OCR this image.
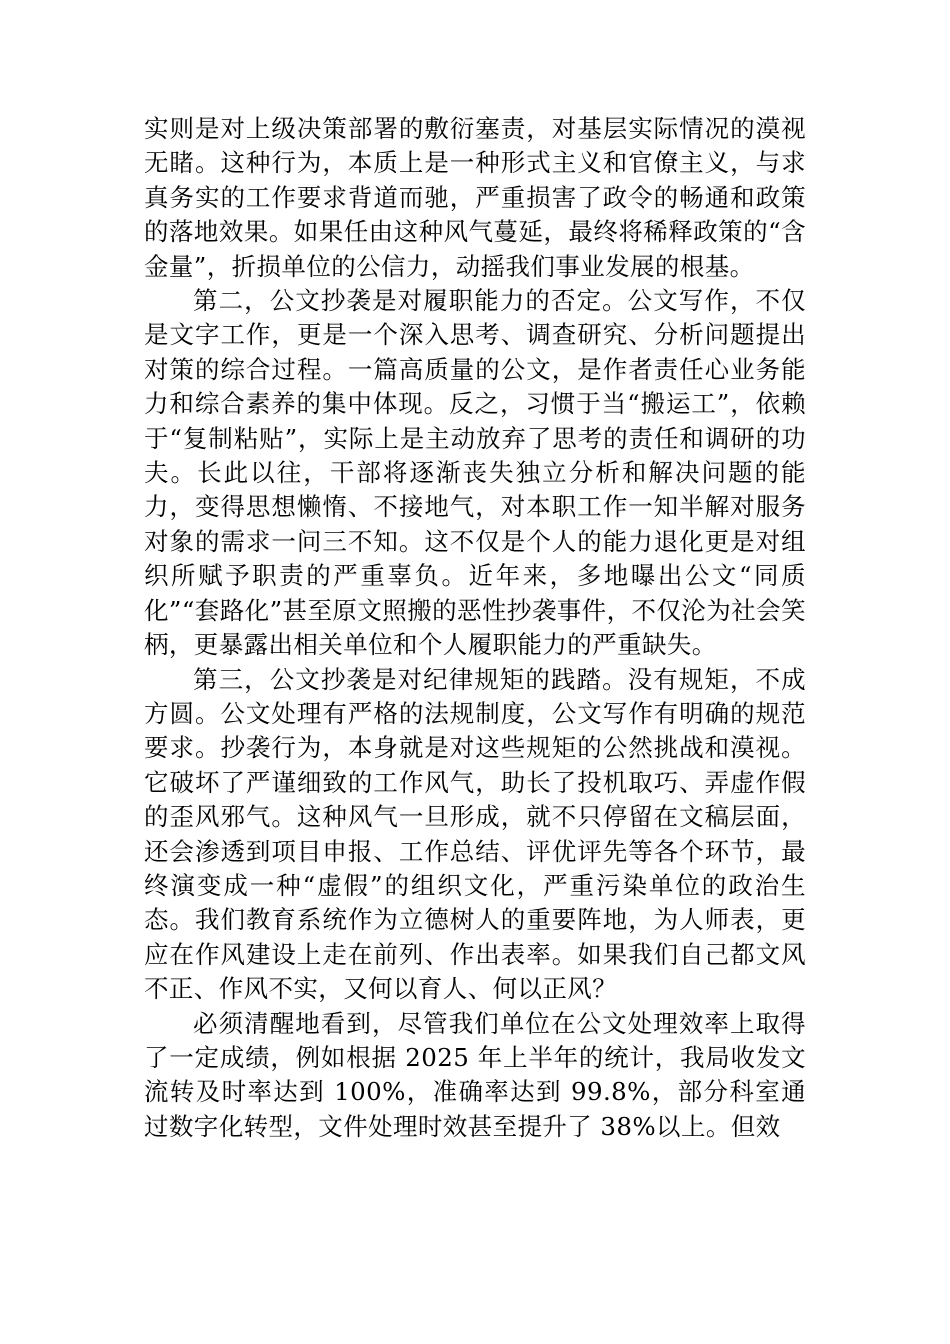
实则是对上级决策部署的敷衍塞责，对基层实际情况的漠视无睹。这种行为，本质上是一种形式主义和官僚主义，与求真务实的工作要求背道而驰，严重损害了政令的畅通和政策的落地效果。如果任由这种风气蔓延，最终将稀释政策的“含金量”，折损单位的公信力，动摇我们事业发展的根基。

第二，公文抄袭是对履职能力的否定。公文写作，不仅是文字工作，更是一个深入思考、调查研究、分析问题提出对策的综合过程。一篇高质量的公文，是作者责任心业务能力和综合素养的集中体现。反之，习惯于当“搬运工”，依赖于“复制粘贴”，实际上是主动放弃了思考的责任和调研的功夫。长此以往，干部将逐渐丧失独立分析和解决问题的能力，变得思想懒惰、不接地气，对本职工作一知半解对服务对象的需求一问三不知。这不仅是个人的能力退化更是对组织所赋予职责的严重辜负。近年来，多地曝出公文“同质化”“套路化”甚至原文照搬的恶性抄袭事件，不仅沦为社会笑柄，更暴露出相关单位和个人履职能力的严重缺失。

第三，公文抄袭是对纪律规矩的践踏。没有规矩，不成方圆。公文处理有严格的法规制度，公文写作有明确的规范要求。抄袭行为，本身就是对这些规矩的公然挑战和漠视。它破坏了严谨细致的工作风气，助长了投机取巧、弄虚作假的歪风邪气。这种风气一旦形成，就不只停留在文稿层面，还会渗透到项目申报、工作总结、评优评先等各个环节，最终演变成一种“虚假”的组织文化，严重污染单位的政治生态。我们教育系统作为立德树人的重要阵地，为人师表，更应在作风建设上走在前列、作出表率。如果我们自己都文风不正、作风不实，又何以育人、何以正风？

必须清醒地看到，尽管我们单位在公文处理效率上取得了一定成绩，例如根据 2025 年上半年的统计，我局收发文流转及时率达到 100%，准确率达到 99.8%，部分科室通过数字化转型，文件处理时效甚至提升了 38%以上。但效
